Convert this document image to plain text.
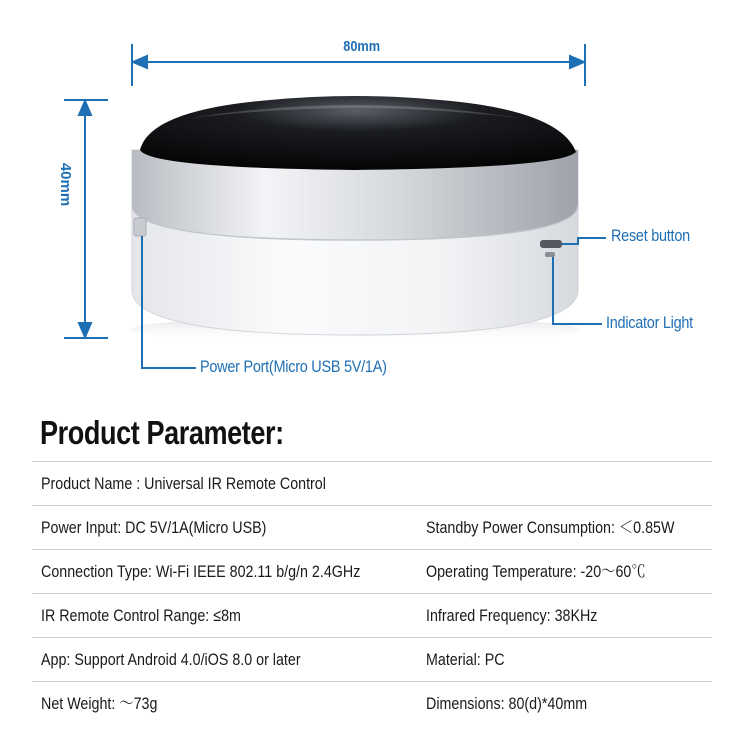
80mm
40mm
Reset button
Indicator Light
Power Port(Micro USB 5V/1A)
Product Parameter:
Product Name : Universal IR Remote Control
Power Input: DC 5V/1A(Micro USB)	Standby Power Consumption: ＜0.85W
Connection Type: Wi-Fi IEEE 802.11 b/g/n 2.4GHz	Operating Temperature: -20～60℃
IR Remote Control Range: ≤8m	Infrared Frequency: 38KHz
App: Support Android 4.0/iOS 8.0 or later	Material: PC
Net Weight: ～73g	Dimensions: 80(d)*40mm
